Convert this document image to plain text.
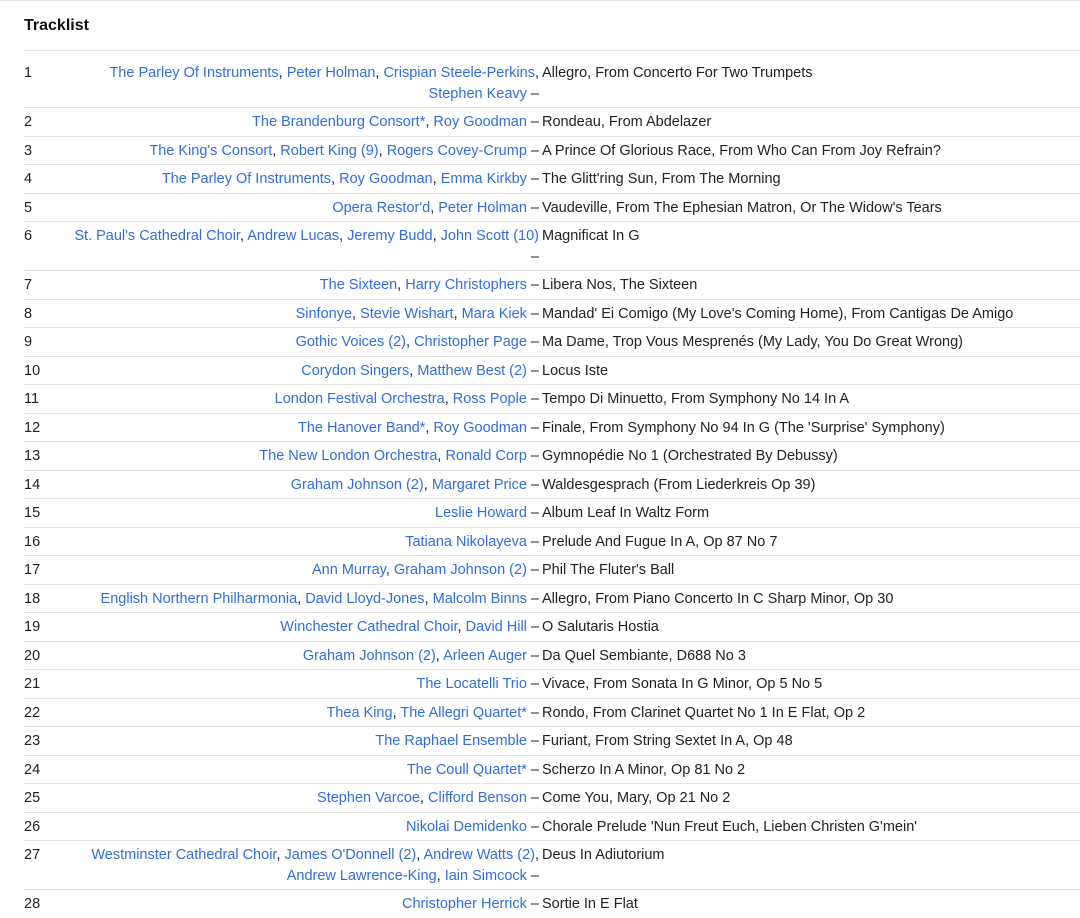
Tracklist
1	The Parley Of Instruments, Peter Holman, Crispian Steele-Perkins, Stephen Keavy –
Allegro, From Concerto For Two Trumpets
2	The Brandenburg Consort*, Roy Goodman – Rondeau, From Abdelazer
3	The King's Consort, Robert King (9), Rogers Covey-Crump – A Prince Of Glorious Race, From Who Can From Joy Refrain?
4	The Parley Of Instruments, Roy Goodman, Emma Kirkby – The Glitt'ring Sun, From The Morning
5	Opera Restor'd, Peter Holman – Vaudeville, From The Ephesian Matron, Or The Widow's Tears
6	St. Paul's Cathedral Choir, Andrew Lucas, Jeremy Budd, John Scott (10) –
Magnificat In G
7	The Sixteen, Harry Christophers – Libera Nos, The Sixteen
8	Sinfonye, Stevie Wishart, Mara Kiek – Mandad' Ei Comigo (My Love's Coming Home), From Cantigas De Amigo
9	Gothic Voices (2), Christopher Page – Ma Dame, Trop Vous Mesprenés (My Lady, You Do Great Wrong)
10	Corydon Singers, Matthew Best (2) – Locus Iste
11	London Festival Orchestra, Ross Pople – Tempo Di Minuetto, From Symphony No 14 In A
12	The Hanover Band*, Roy Goodman – Finale, From Symphony No 94 In G (The 'Surprise' Symphony)
13	The New London Orchestra, Ronald Corp – Gymnopédie No 1 (Orchestrated By Debussy)
14	Graham Johnson (2), Margaret Price – Waldesgesprach (From Liederkreis Op 39)
15	Leslie Howard – Album Leaf In Waltz Form
16	Tatiana Nikolayeva – Prelude And Fugue In A, Op 87 No 7
17	Ann Murray, Graham Johnson (2) – Phil The Fluter's Ball
18	English Northern Philharmonia, David Lloyd-Jones, Malcolm Binns – Allegro, From Piano Concerto In C Sharp Minor, Op 30
19	Winchester Cathedral Choir, David Hill – O Salutaris Hostia
20	Graham Johnson (2), Arleen Auger – Da Quel Sembiante, D688 No 3
21	The Locatelli Trio – Vivace, From Sonata In G Minor, Op 5 No 5
22	Thea King, The Allegri Quartet* – Rondo, From Clarinet Quartet No 1 In E Flat, Op 2
23	The Raphael Ensemble – Furiant, From String Sextet In A, Op 48
24	The Coull Quartet* – Scherzo In A Minor, Op 81 No 2
25	Stephen Varcoe, Clifford Benson – Come You, Mary, Op 21 No 2
26	Nikolai Demidenko – Chorale Prelude 'Nun Freut Euch, Lieben Christen G'mein'
27	Westminster Cathedral Choir, James O'Donnell (2), Andrew Watts (2), Andrew Lawrence-King, Iain Simcock –
Deus In Adiutorium
28	Christopher Herrick – Sortie In E Flat
